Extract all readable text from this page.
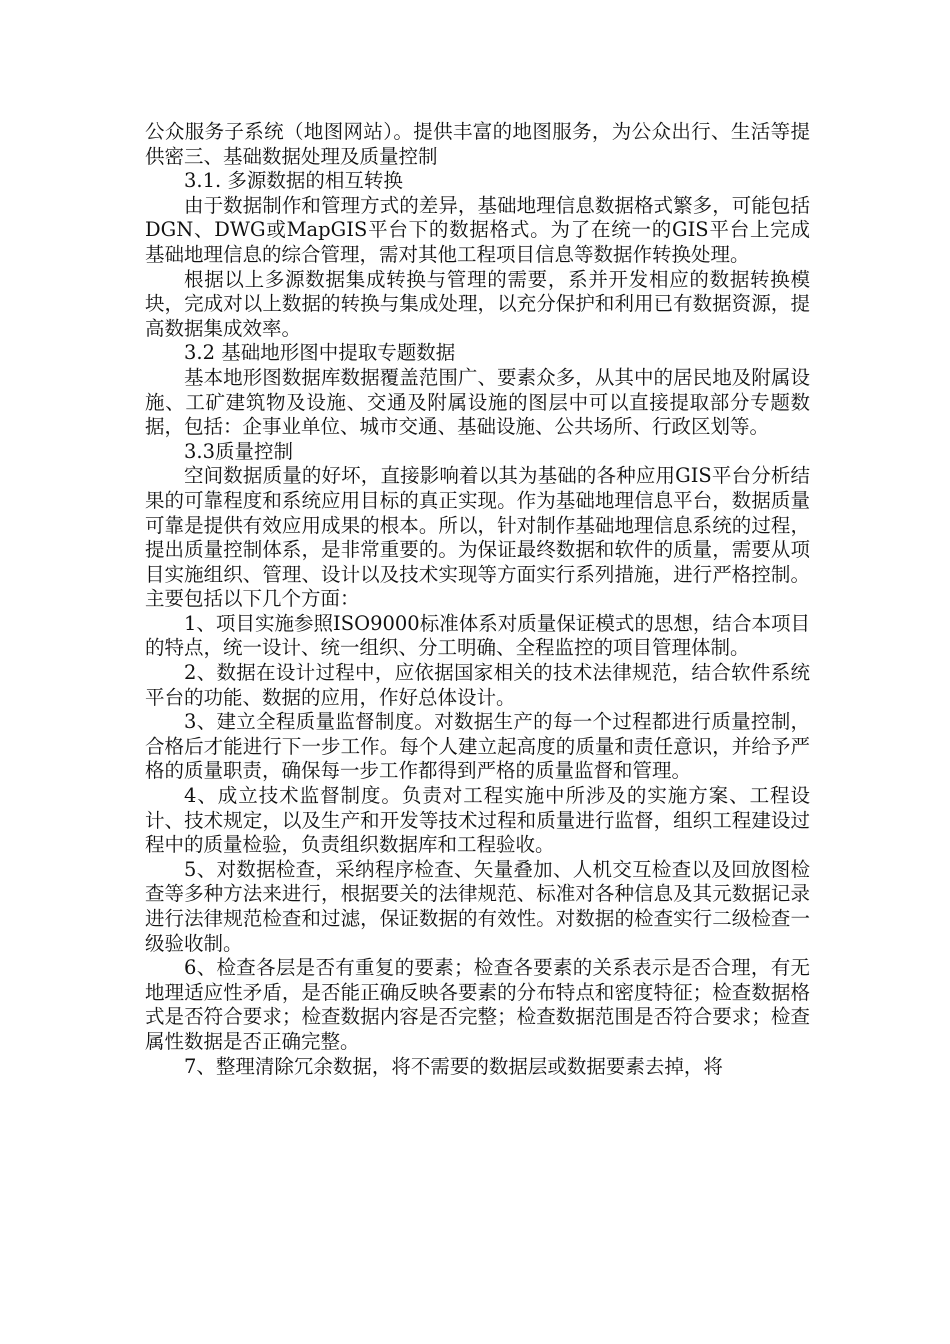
公众服务子系统（地图网站）。提供丰富的地图服务，为公众出行、生活等提供密三、基础数据处理及质量控制

3.1. 多源数据的相互转换

由于数据制作和管理方式的差异，基础地理信息数据格式繁多，可能包括DGN、DWG或MapGIS平台下的数据格式。为了在统一的GIS平台上完成基础地理信息的综合管理，需对其他工程项目信息等数据作转换处理。

根据以上多源数据集成转换与管理的需要，系并开发相应的数据转换模块，完成对以上数据的转换与集成处理，以充分保护和利用已有数据资源，提高数据集成效率。

3.2 基础地形图中提取专题数据

基本地形图数据库数据覆盖范围广、要素众多，从其中的居民地及附属设施、工矿建筑物及设施、交通及附属设施的图层中可以直接提取部分专题数据，包括：企事业单位、城市交通、基础设施、公共场所、行政区划等。

3.3质量控制

空间数据质量的好坏，直接影响着以其为基础的各种应用GIS平台分析结果的可靠程度和系统应用目标的真正实现。作为基础地理信息平台，数据质量可靠是提供有效应用成果的根本。所以，针对制作基础地理信息系统的过程，提出质量控制体系，是非常重要的。为保证最终数据和软件的质量，需要从项目实施组织、管理、设计以及技术实现等方面实行系列措施，进行严格控制。主要包括以下几个方面：

1、项目实施参照ISO9000标准体系对质量保证模式的思想，结合本项目的特点，统一设计、统一组织、分工明确、全程监控的项目管理体制。

2、数据在设计过程中，应依据国家相关的技术法律规范，结合软件系统平台的功能、数据的应用，作好总体设计。

3、建立全程质量监督制度。对数据生产的每一个过程都进行质量控制，合格后才能进行下一步工作。每个人建立起高度的质量和责任意识，并给予严格的质量职责，确保每一步工作都得到严格的质量监督和管理。

4、成立技术监督制度。负责对工程实施中所涉及的实施方案、工程设计、技术规定，以及生产和开发等技术过程和质量进行监督，组织工程建设过程中的质量检验，负责组织数据库和工程验收。

5、对数据检查，采纳程序检查、矢量叠加、人机交互检查以及回放图检查等多种方法来进行，根据要关的法律规范、标准对各种信息及其元数据记录进行法律规范检查和过滤，保证数据的有效性。对数据的检查实行二级检查一级验收制。

6、检查各层是否有重复的要素；检查各要素的关系表示是否合理，有无地理适应性矛盾，是否能正确反映各要素的分布特点和密度特征；检查数据格式是否符合要求；检查数据内容是否完整；检查数据范围是否符合要求；检查属性数据是否正确完整。

7、整理清除冗余数据，将不需要的数据层或数据要素去掉，将
